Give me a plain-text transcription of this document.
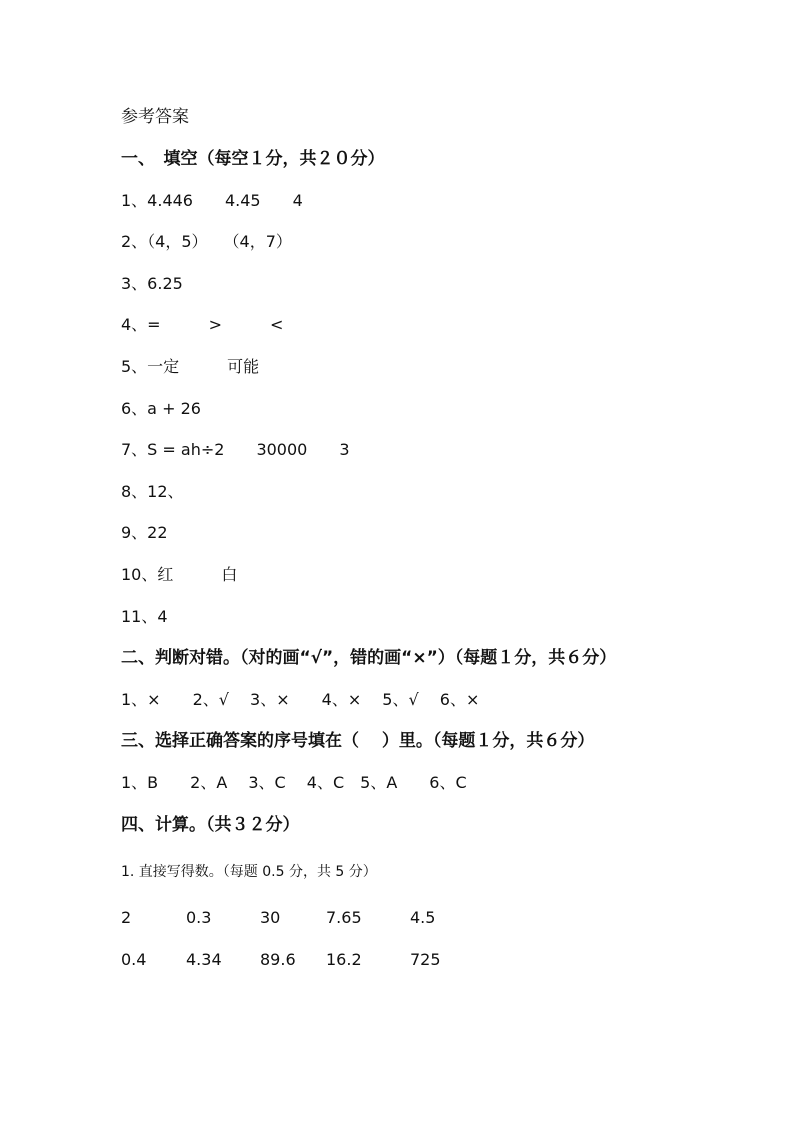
参考答案
一、　填空（每空１分，共２０分）
1、4.446　　4.45　　4
2、（4，5）　　（4，7）
3、6.25
4、=　　　>　　　<
5、一定　　　可能
6、a + 26
7、S = ah÷2　　30000　　3
8、12、
9、22
10、红　　　白
11、4
二、判断对错。（对的画“√”，错的画“×”）（每题１分，共６分）
1、×　　2、√　 3、×　　4、×　 5、√　 6、×
三、选择正确答案的序号填在（　 ）里。（每题１分，共６分）
1、B　　2、A　 3、C　 4、C　5、A　　6、C
四、计算。（共３２分）
1. 直接写得数。（每题 0.5 分，共 5 分）
2	0.3	30	7.65	4.5
0.4 4.34 89.6 16.2	725
